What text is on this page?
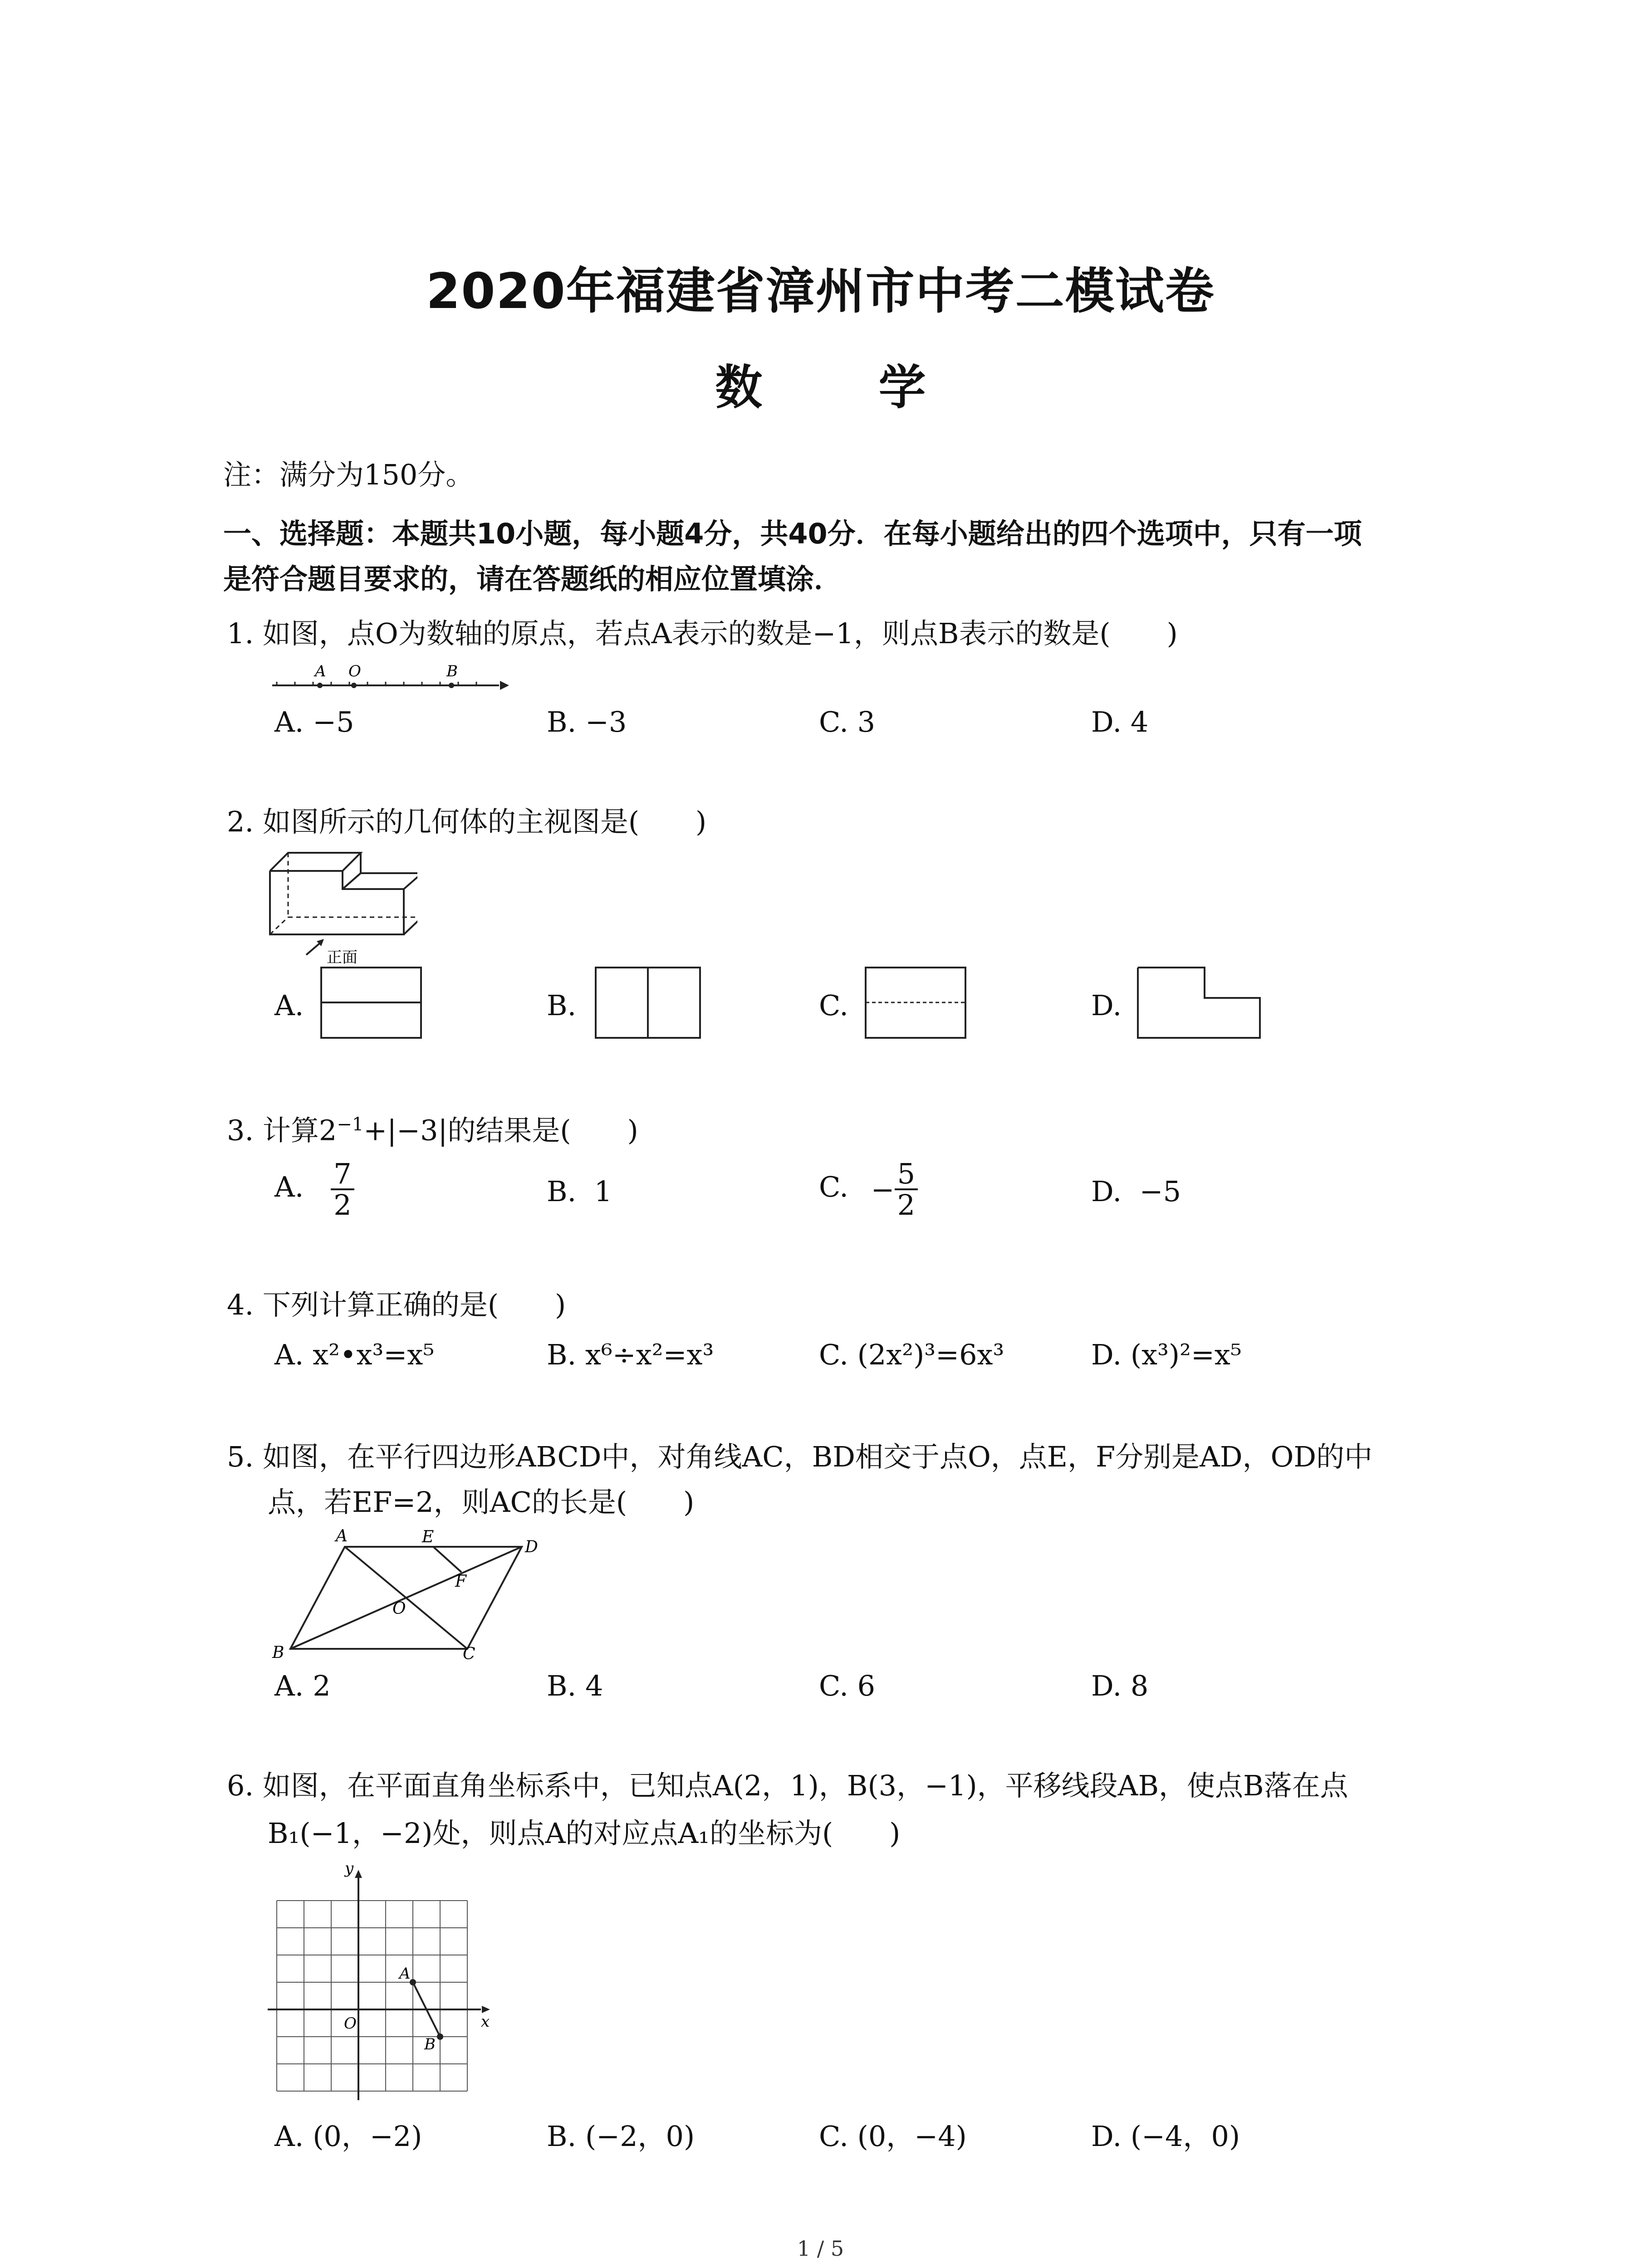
2020年福建省漳州市中考二模试卷
数 学
注：满分为150分。
一、选择题：本题共10小题，每小题4分，共40分．在每小题给出的四个选项中，只有一项
是符合题目要求的，请在答题纸的相应位置填涂．
1. 如图，点O为数轴的原点，若点A表示的数是−1，则点B表示的数是(　　)
A O	B
A. −5	B. −3	C. 3	D. 4
2. 如图所示的几何体的主视图是(　　)
正面
A.	B.	C.	D.
3. 计算$2^{-1}+|-3|$的结果是(　　)
A. $\frac{7}{2}$	B. 1	C. − $\frac{5}{2}$	D. −5
4. 下列计算正确的是(　　)
A. x²•x³=x⁵	B. x⁶÷x²=x³	C. (2x²)³=6x³	D. (x³)²=x⁵
5. 如图，在平行四边形ABCD中，对角线AC，BD相交于点O，点E，F分别是AD，OD的中
点，若EF=2，则AC的长是(　　)
A	E
D
F
O
B	C
A. 2	B. 4	C. 6	D. 8
6. 如图，在平面直角坐标系中，已知点A(2，1)，B(3，−1)，平移线段AB，使点B落在点
B₁(−1，−2)处，则点A的对应点A₁的坐标为(　　)
y
x
O
A
B
A. (0，−2)	B. (−2，0)	C. (0，−4)	D. (−4，0)
1 / 5
